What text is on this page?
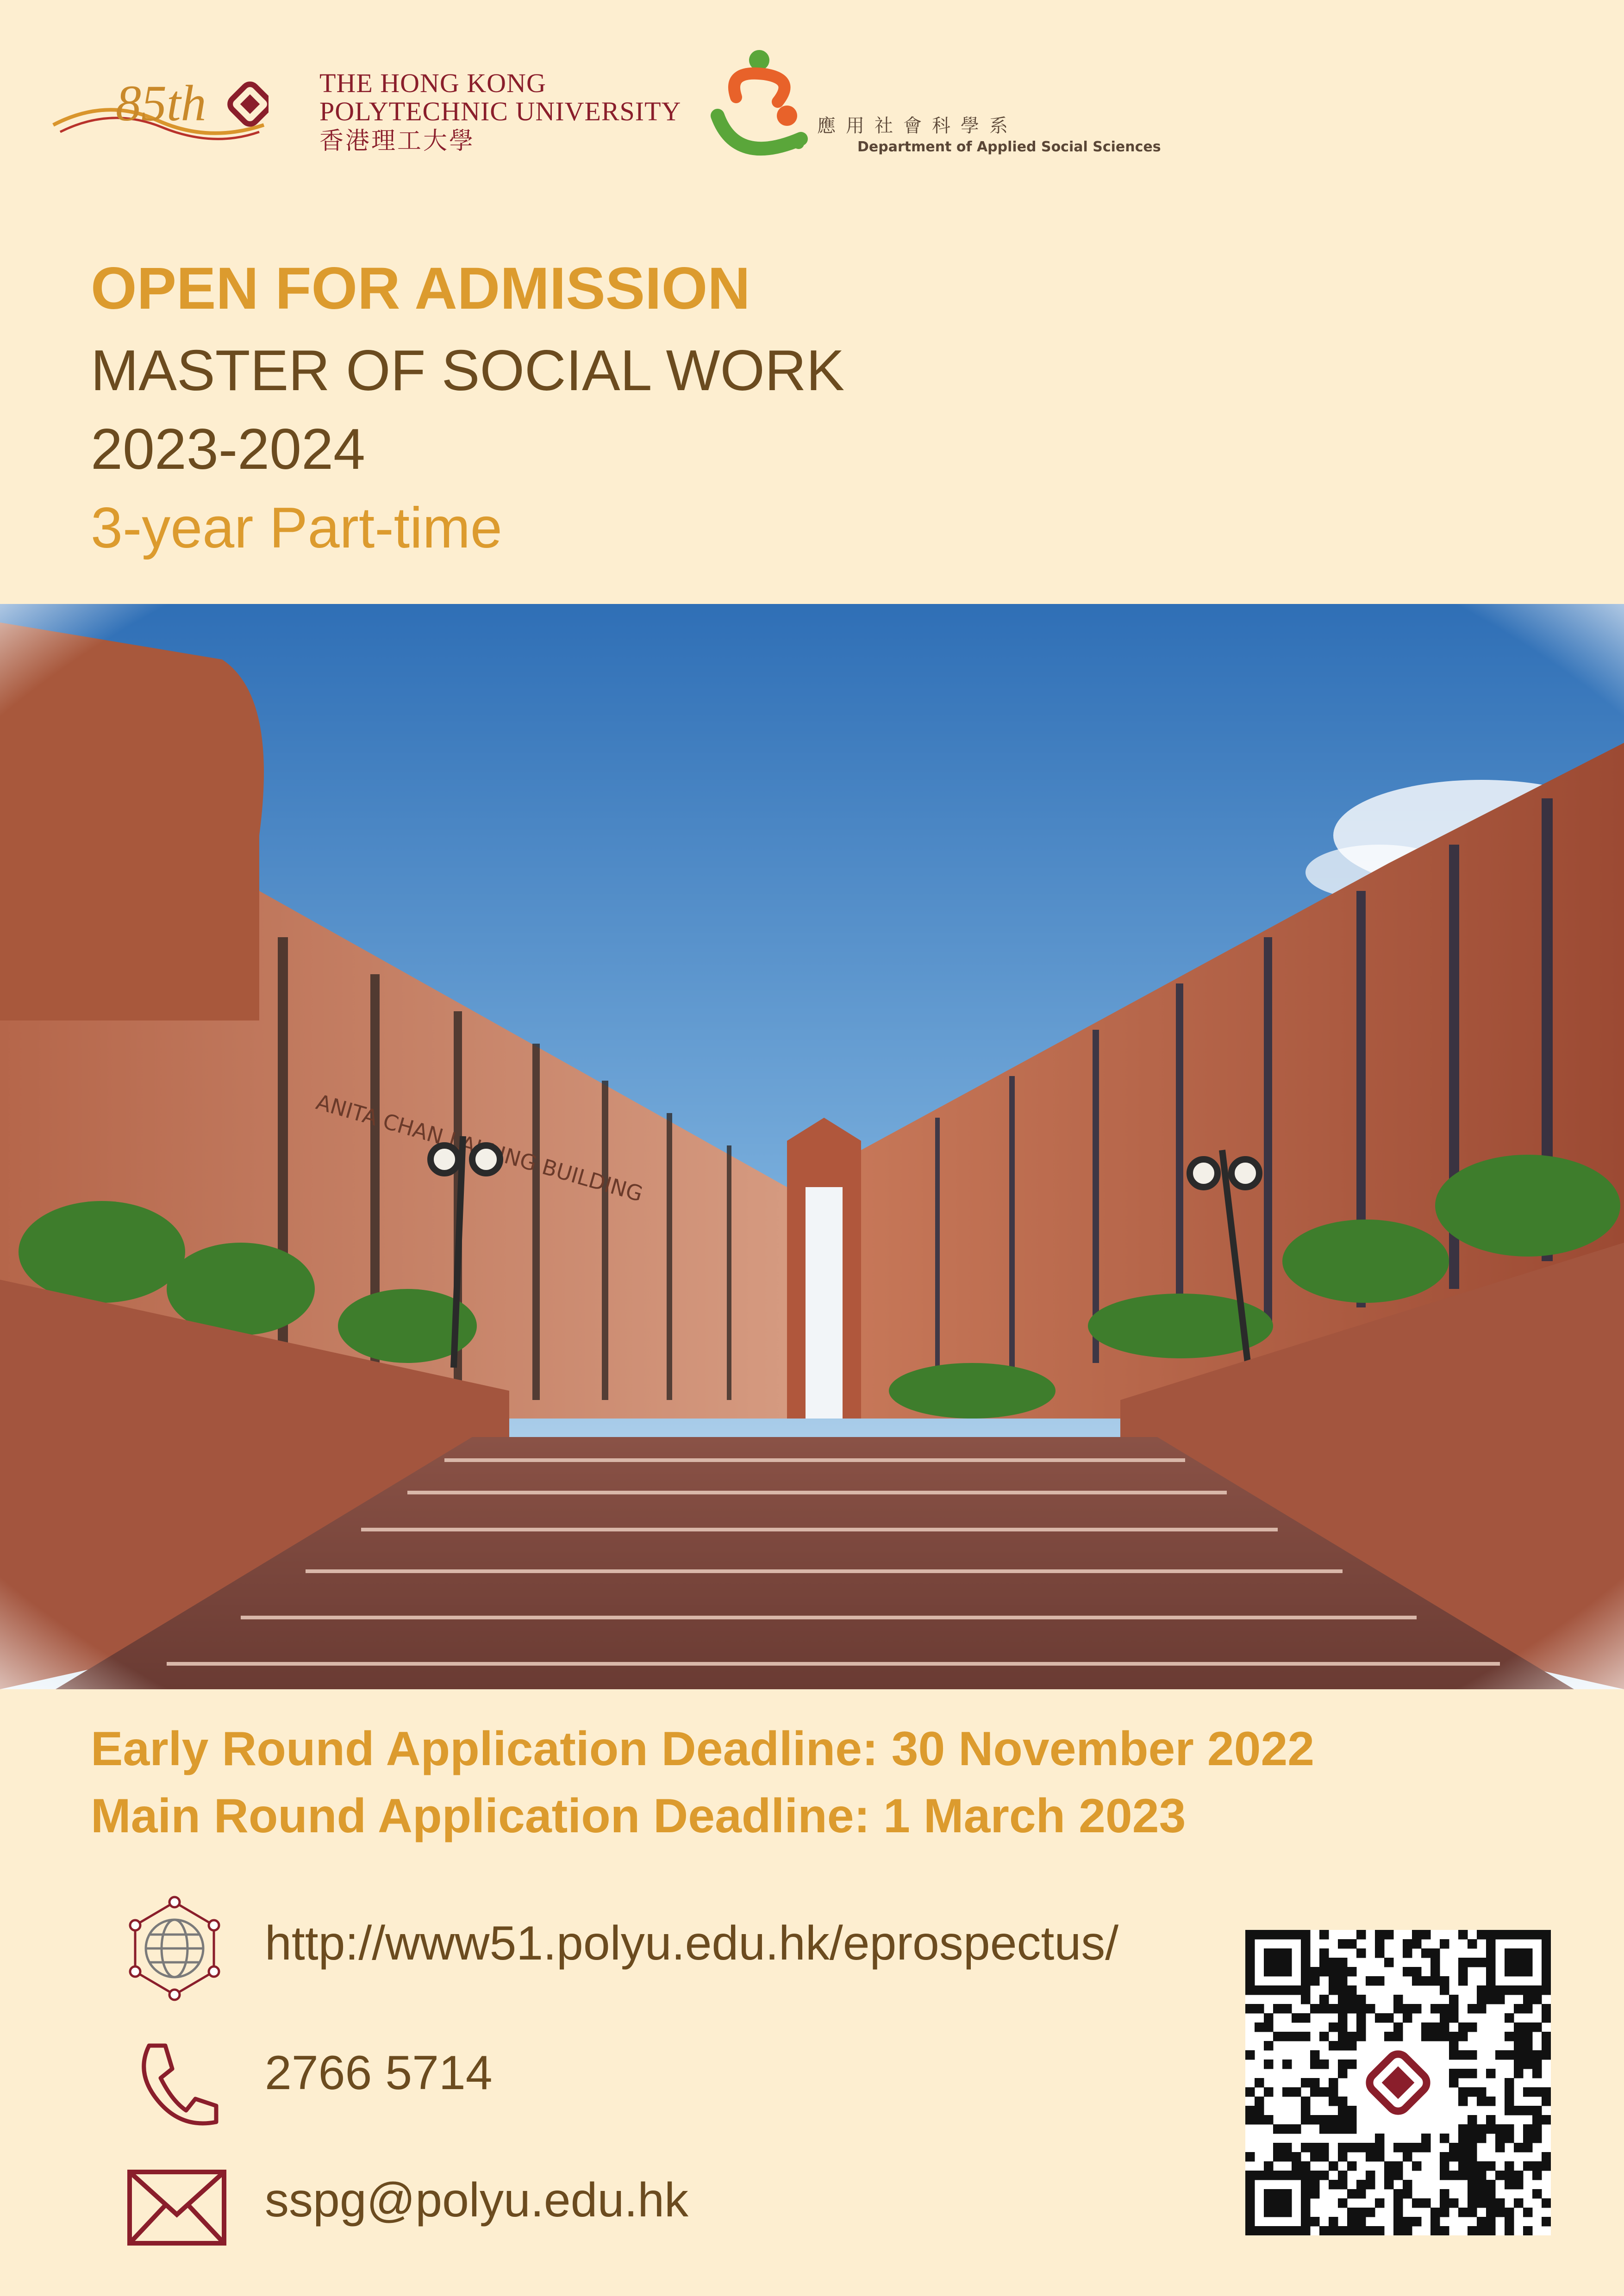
85th	THE HONG KONG
POLYTECHNIC UNIVERSITY
香港理工大學
應用社會科學系
Department of Applied Social Sciences
OPEN FOR ADMISSION
MASTER OF SOCIAL WORK
2023-2024
3-year Part-time
Early Round Application Deadline: 30 November 2022
Main Round Application Deadline: 1 March 2023
http://www51.polyu.edu.hk/eprospectus/
2766 5714
sspg@polyu.edu.hk
